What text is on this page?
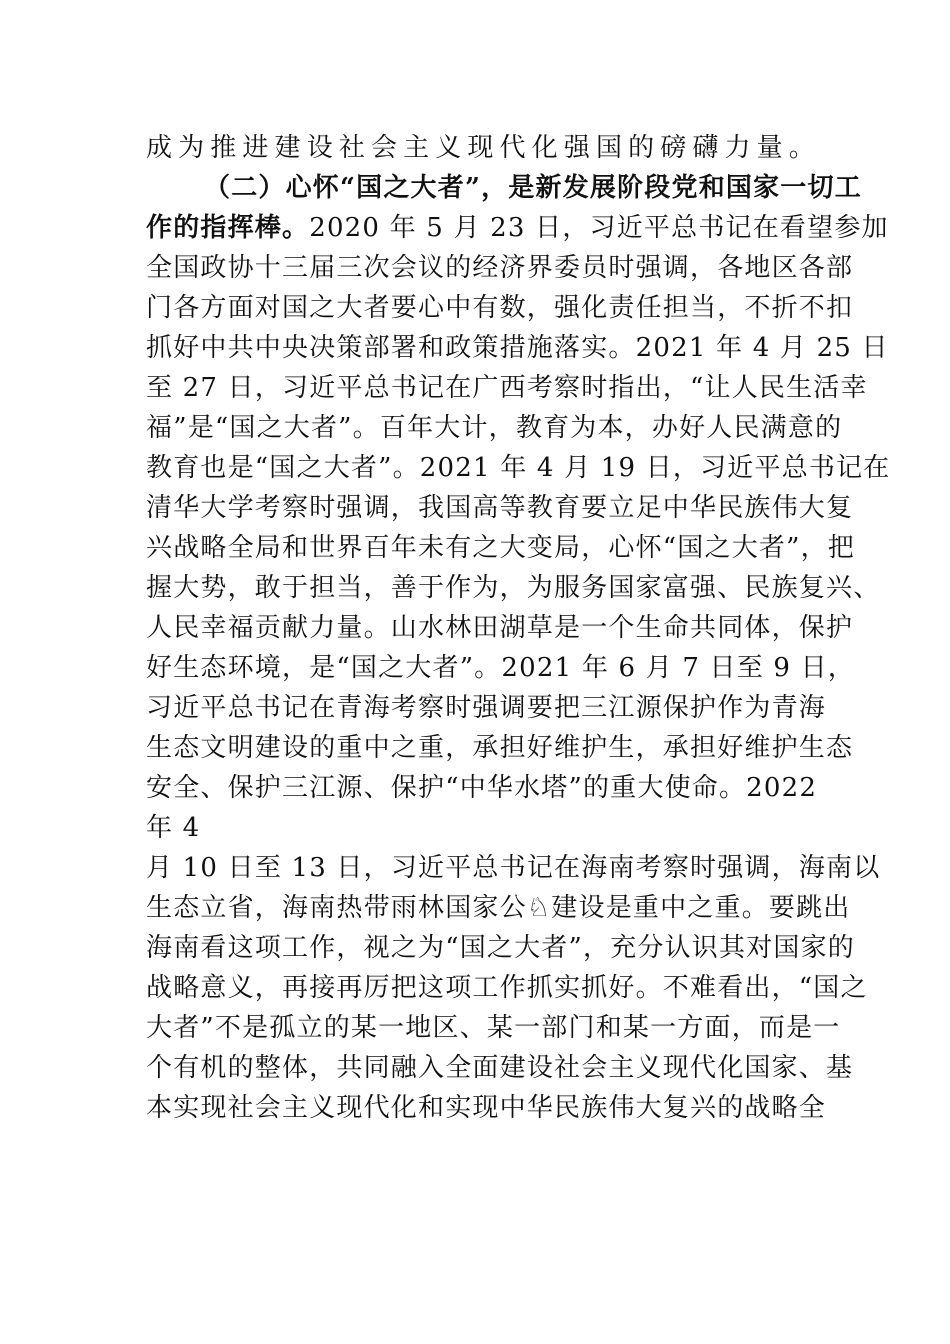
成为推进建设社会主义现代化强国的磅礴力量。
（二）心怀“国之大者”，是新发展阶段党和国家一切工
作的指挥棒。 2020 年 5 月 23 日，习近平总书记在看望参加
全国政协十三届三次会议的经济界委员时强调，各地区各部
门各方面对国之大者要心中有数，强化责任担当，不折不扣
抓好中共中央决策部署和政策措施落实。2021 年 4 月 25 日
至 27 日，习近平总书记在广西考察时指出，“让人民生活幸
福”是“国之大者”。百年大计，教育为本，办好人民满意的
教育也是“国之大者”。2021 年 4 月 19 日，习近平总书记在
清华大学考察时强调，我国高等教育要立足中华民族伟大复
兴战略全局和世界百年未有之大变局，心怀“国之大者”，把
握大势，敢于担当，善于作为，为服务国家富强、民族复兴、
人民幸福贡献力量。山水林田湖草是一个生命共同体，保护
好生态环境，是“国之大者”。2021 年 6 月 7 日至 9 日，
习近平总书记在青海考察时强调要把三江源保护作为青海
生态文明建设的重中之重，承担好维护生，承担好维护生态
安全、保护三江源、保护“中华水塔”的重大使命。2022
年 4
月 10 日至 13 日，习近平总书记在海南考察时强调，海南以
生态立省，海南热带雨林国家公♘建设是重中之重。要跳出
海南看这项工作，视之为“国之大者”，充分认识其对国家的
战略意义，再接再厉把这项工作抓实抓好。不难看出，“国之
大者”不是孤立的某一地区、某一部门和某一方面，而是一
个有机的整体，共同融入全面建设社会主义现代化国家、基
本实现社会主义现代化和实现中华民族伟大复兴的战略全
